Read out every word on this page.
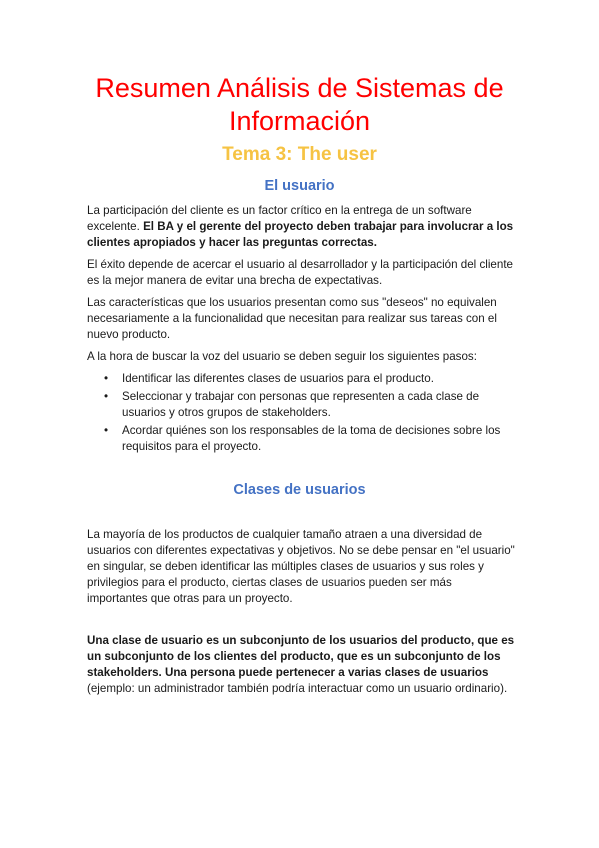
Resumen Análisis de Sistemas de
Información
Tema 3: The user
El usuario

La participación del cliente es un factor crítico en la entrega de un software excelente. El BA y el gerente del proyecto deben trabajar para involucrar a los clientes apropiados y hacer las preguntas correctas.

El éxito depende de acercar el usuario al desarrollador y la participación del cliente es la mejor manera de evitar una brecha de expectativas.

Las características que los usuarios presentan como sus "deseos" no equivalen necesariamente a la funcionalidad que necesitan para realizar sus tareas con el nuevo producto.

A la hora de buscar la voz del usuario se deben seguir los siguientes pasos:

• Identificar las diferentes clases de usuarios para el producto.
• Seleccionar y trabajar con personas que representen a cada clase de usuarios y otros grupos de stakeholders.
• Acordar quiénes son los responsables de la toma de decisiones sobre los requisitos para el proyecto.
Clases de usuarios

La mayoría de los productos de cualquier tamaño atraen a una diversidad de usuarios con diferentes expectativas y objetivos. No se debe pensar en "el usuario" en singular, se deben identificar las múltiples clases de usuarios y sus roles y privilegios para el producto, ciertas clases de usuarios pueden ser más importantes que otras para un proyecto.

Una clase de usuario es un subconjunto de los usuarios del producto, que es un subconjunto de los clientes del producto, que es un subconjunto de los stakeholders. Una persona puede pertenecer a varias clases de usuarios (ejemplo: un administrador también podría interactuar como un usuario ordinario).
